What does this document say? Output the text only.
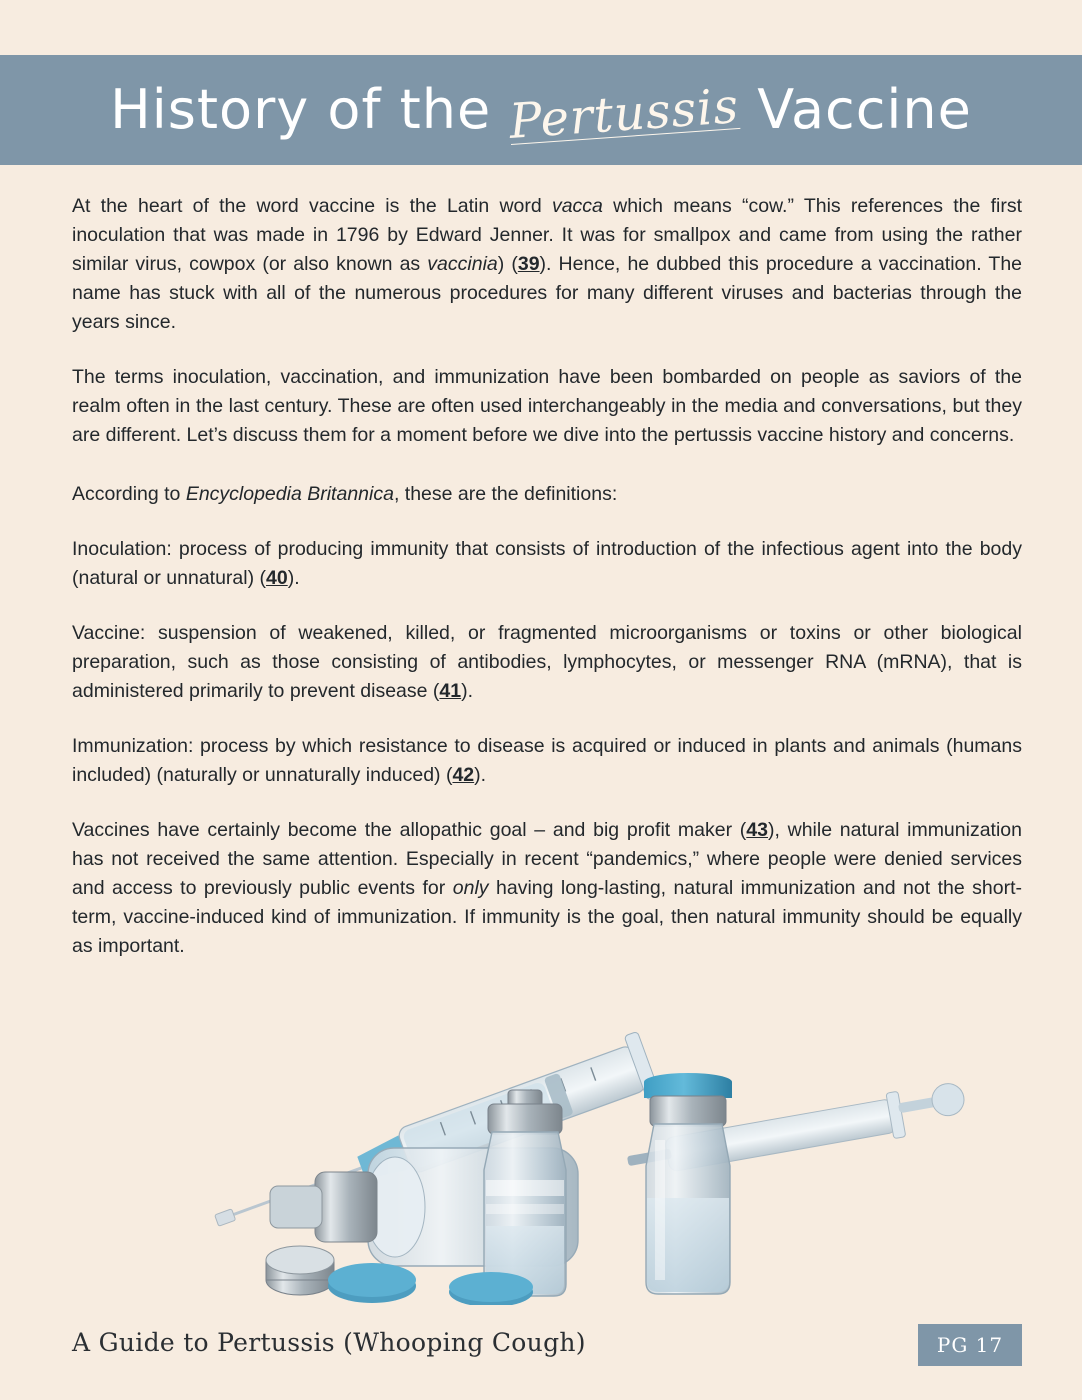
History of the Pertussis Vaccine

At the heart of the word vaccine is the Latin word vacca which means “cow.” This references the first inoculation that was made in 1796 by Edward Jenner. It was for smallpox and came from using the rather similar virus, cowpox (or also known as vaccinia) (39). Hence, he dubbed this procedure a vaccination. The name has stuck with all of the numerous procedures for many different viruses and bacterias through the years since.

The terms inoculation, vaccination, and immunization have been bombarded on people as saviors of the realm often in the last century. These are often used interchangeably in the media and conversations, but they are different. Let’s discuss them for a moment before we dive into the pertussis vaccine history and concerns.

According to Encyclopedia Britannica, these are the definitions:

Inoculation: process of producing immunity that consists of introduction of the infectious agent into the body (natural or unnatural) (40).

Vaccine: suspension of weakened, killed, or fragmented microorganisms or toxins or other biological preparation, such as those consisting of antibodies, lymphocytes, or messenger RNA (mRNA), that is administered primarily to prevent disease (41).

Immunization: process by which resistance to disease is acquired or induced in plants and animals (humans included) (naturally or unnaturally induced) (42).

Vaccines have certainly become the allopathic goal – and big profit maker (43), while natural immunization has not received the same attention. Especially in recent “pandemics,” where people were denied services and access to previously public events for only having long-lasting, natural immunization and not the short-term, vaccine-induced kind of immunization. If immunity is the goal, then natural immunity should be equally as important.

A Guide to Pertussis (Whooping Cough)	PG 17
